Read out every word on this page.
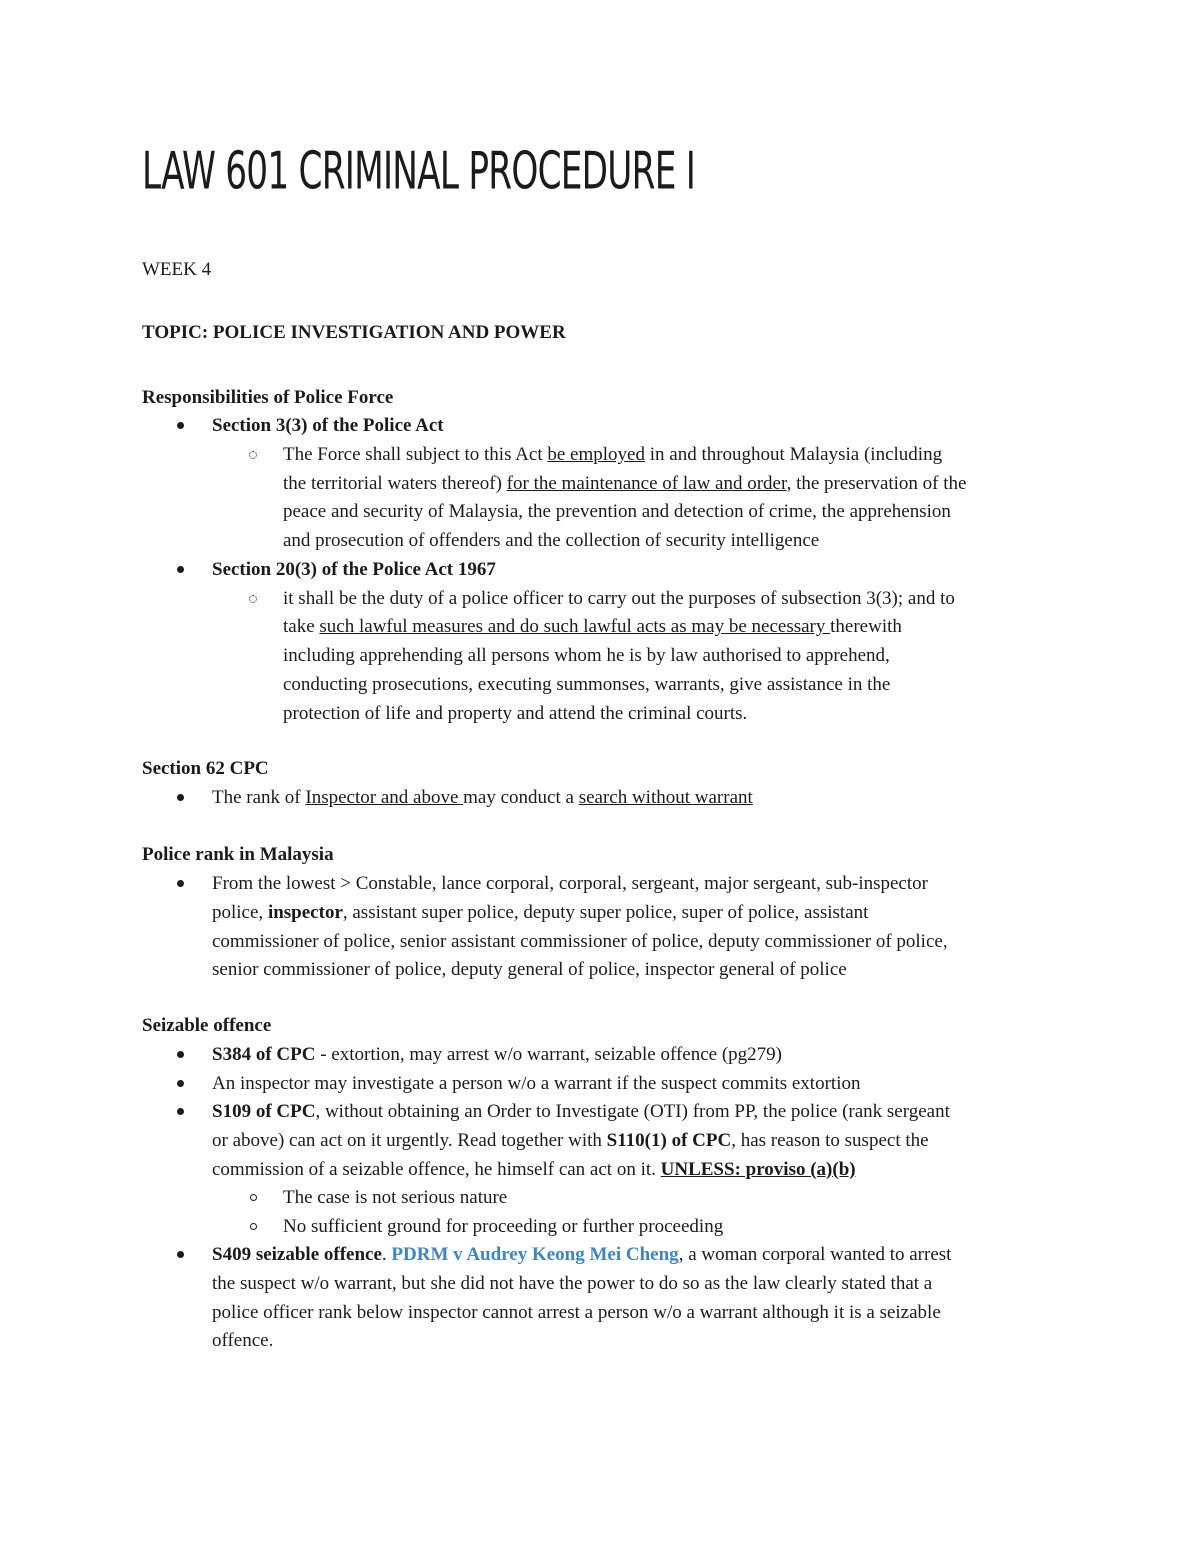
LAW 601 CRIMINAL PROCEDURE I
WEEK 4
TOPIC: POLICE INVESTIGATION AND POWER
Responsibilities of Police Force
Section 3(3) of the Police Act
The Force shall subject to this Act be employed in and throughout Malaysia (including
the territorial waters thereof) for the maintenance of law and order, the preservation of the
peace and security of Malaysia, the prevention and detection of crime, the apprehension
and prosecution of offenders and the collection of security intelligence
Section 20(3) of the Police Act 1967
it shall be the duty of a police officer to carry out the purposes of subsection 3(3); and to
take such lawful measures and do such lawful acts as may be necessary therewith
including apprehending all persons whom he is by law authorised to apprehend,
conducting prosecutions, executing summonses, warrants, give assistance in the
protection of life and property and attend the criminal courts.
Section 62 CPC
The rank of Inspector and above may conduct a search without warrant
Police rank in Malaysia
From the lowest > Constable, lance corporal, corporal, sergeant, major sergeant, sub-inspector
police, inspector, assistant super police, deputy super police, super of police, assistant
commissioner of police, senior assistant commissioner of police, deputy commissioner of police,
senior commissioner of police, deputy general of police, inspector general of police
Seizable offence
S384 of CPC - extortion, may arrest w/o warrant, seizable offence (pg279)
An inspector may investigate a person w/o a warrant if the suspect commits extortion
S109 of CPC, without obtaining an Order to Investigate (OTI) from PP, the police (rank sergeant
or above) can act on it urgently. Read together with S110(1) of CPC, has reason to suspect the
commission of a seizable offence, he himself can act on it. UNLESS: proviso (a)(b)
The case is not serious nature
No sufficient ground for proceeding or further proceeding
S409 seizable offence. PDRM v Audrey Keong Mei Cheng, a woman corporal wanted to arrest
the suspect w/o warrant, but she did not have the power to do so as the law clearly stated that a
police officer rank below inspector cannot arrest a person w/o a warrant although it is a seizable
offence.
